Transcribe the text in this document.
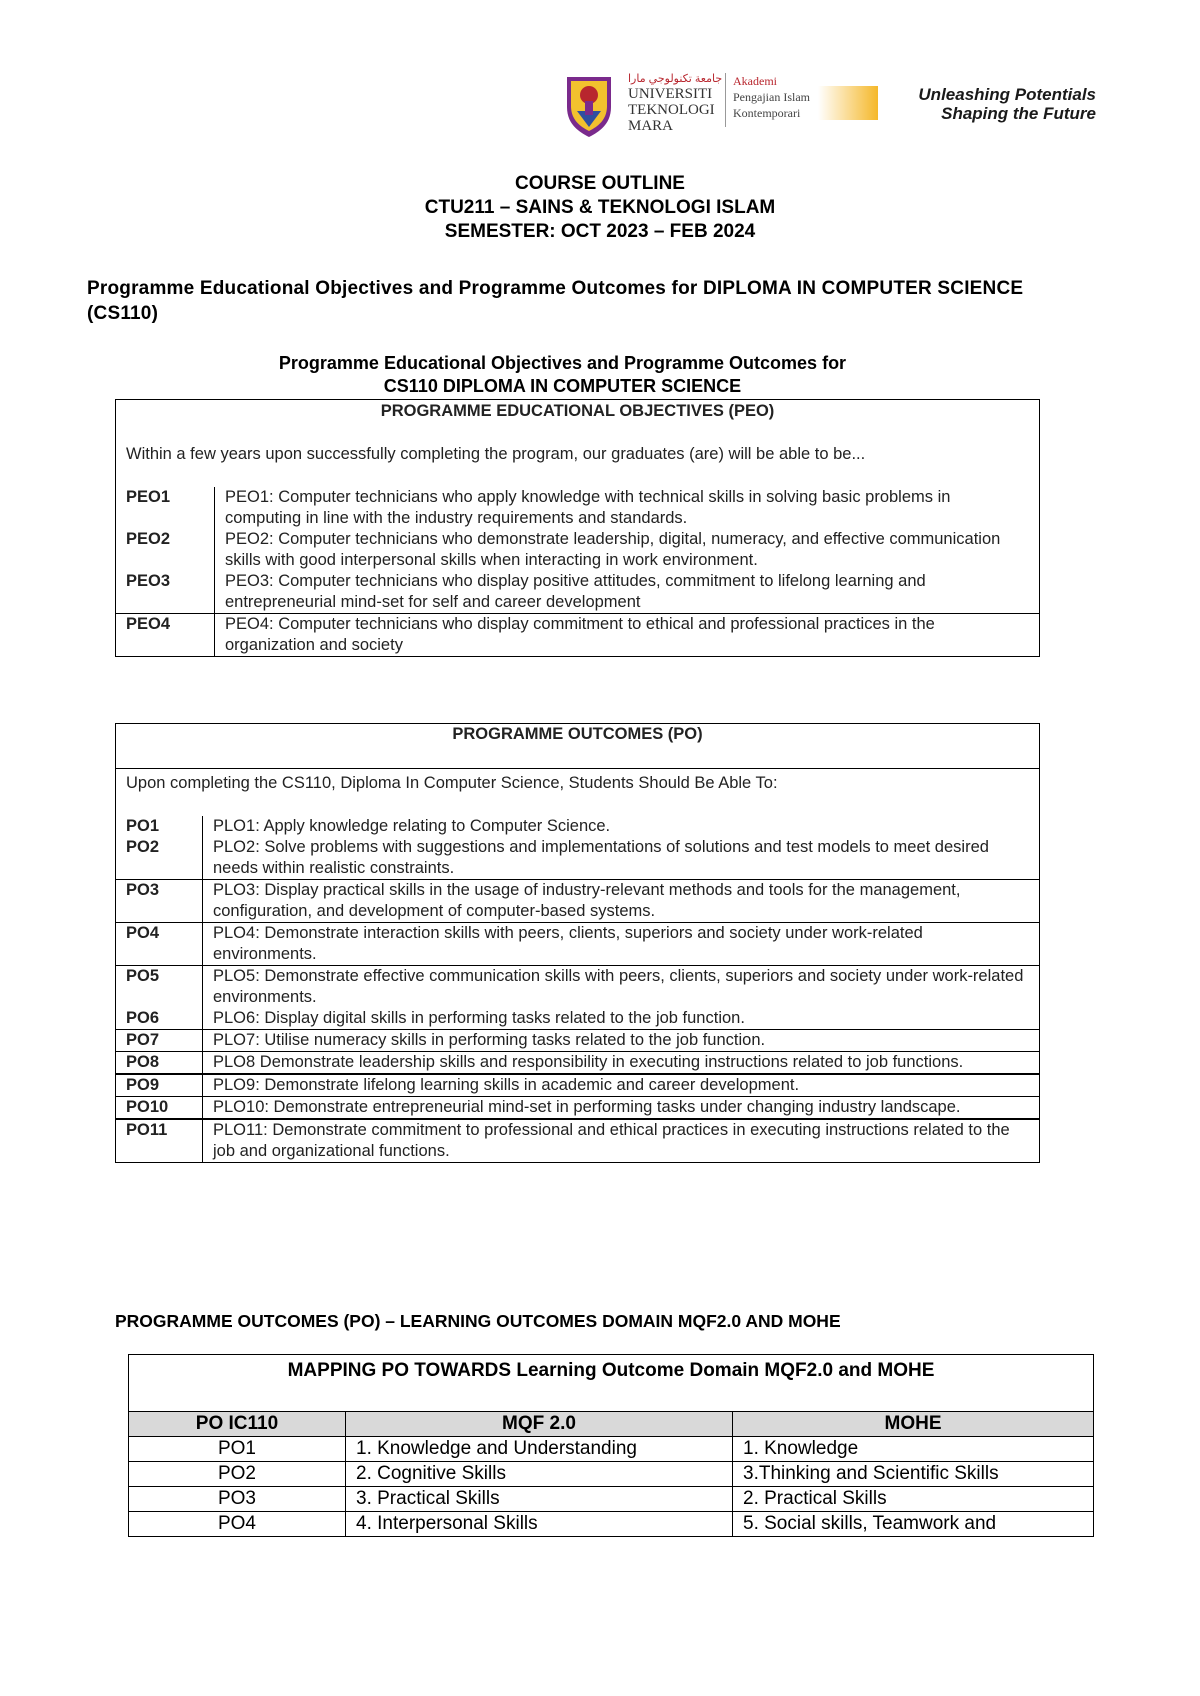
ﺟﺎﻣﻌﺔ ﺗﻜﻨﻮﻟﻮﺟﻲ ﻣﺎرا
UNIVERSITI
TEKNOLOGI
MARA
Akademi
Pengajian Islam
Kontemporari
Unleashing Potentials
Shaping the Future
COURSE OUTLINE
CTU211 – SAINS & TEKNOLOGI ISLAM
SEMESTER: OCT 2023 – FEB 2024
Programme Educational Objectives and Programme Outcomes for DIPLOMA IN COMPUTER SCIENCE (CS110)
Programme Educational Objectives and Programme Outcomes for
CS110 DIPLOMA IN COMPUTER SCIENCE
PROGRAMME EDUCATIONAL OBJECTIVES (PEO)	
Within a few years upon successfully completing the program, our graduates (are) will be able to be...	
PEO1	PEO1: Computer technicians who apply knowledge with technical skills in solving basic problems in computing in line with the industry requirements and standards.
PEO2	PEO2: Computer technicians who demonstrate leadership, digital, numeracy, and effective communication skills with good interpersonal skills when interacting in work environment.
PEO3	PEO3: Computer technicians who display positive attitudes, commitment to lifelong learning and entrepreneurial mind-set for self and career development
PEO4	PEO4: Computer technicians who display commitment to ethical and professional practices in the organization and society
PROGRAMME OUTCOMES (PO)	
Upon completing the CS110, Diploma In Computer Science, Students Should Be Able To:	
PO1	PLO1: Apply knowledge relating to Computer Science.
PO2	PLO2: Solve problems with suggestions and implementations of solutions and test models to meet desired needs within realistic constraints.
PO3	PLO3: Display practical skills in the usage of industry-relevant methods and tools for the management, configuration, and development of computer-based systems.
PO4	PLO4: Demonstrate interaction skills with peers, clients, superiors and society under work-related environments.
PO5	PLO5: Demonstrate effective communication skills with peers, clients, superiors and society under work-related environments.
PO6	PLO6: Display digital skills in performing tasks related to the job function.
PO7	PLO7: Utilise numeracy skills in performing tasks related to the job function.
PO8	PLO8 Demonstrate leadership skills and responsibility in executing instructions related to job functions.
PO9	PLO9: Demonstrate lifelong learning skills in academic and career development.
PO10	PLO10: Demonstrate entrepreneurial mind-set in performing tasks under changing industry landscape.
PO11	PLO11: Demonstrate commitment to professional and ethical practices in executing instructions related to the job and organizational functions.
PROGRAMME OUTCOMES (PO) – LEARNING OUTCOMES DOMAIN MQF2.0 AND MOHE
MAPPING PO TOWARDS Learning Outcome Domain MQF2.0 and MOHE		
PO IC110	MQF 2.0	MOHE
PO1	1. Knowledge and Understanding	1. Knowledge
PO2	2. Cognitive Skills	3.Thinking and Scientific Skills
PO3	3. Practical Skills	2. Practical Skills
PO4	4. Interpersonal Skills	5. Social skills, Teamwork and
